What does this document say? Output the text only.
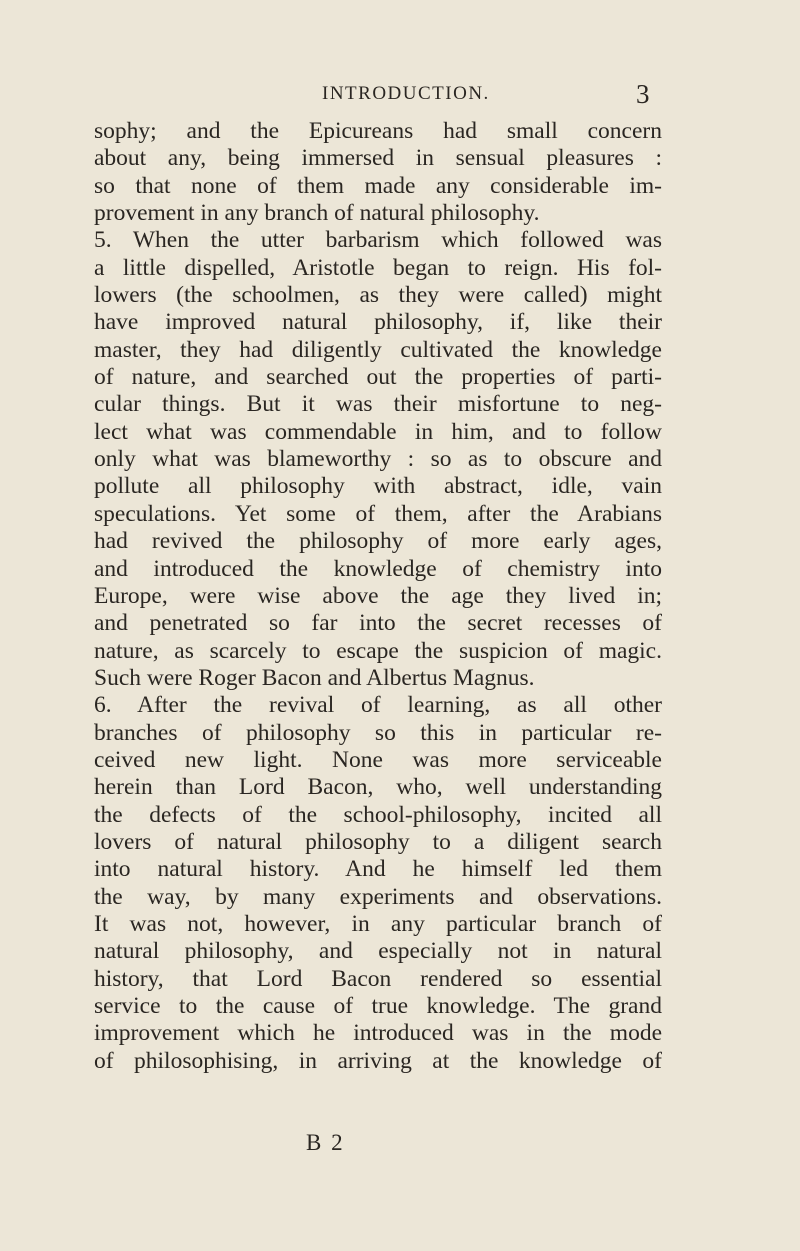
INTRODUCTION.	3
sophy; and the Epicureans had small concern
about any, being immersed in sensual pleasures :
so that none of them made any considerable im-
provement in any branch of natural philosophy.
5. When the utter barbarism which followed was
a little dispelled, Aristotle began to reign. His fol-
lowers (the schoolmen, as they were called) might
have improved natural philosophy, if, like their
master, they had diligently cultivated the knowledge
of nature, and searched out the properties of parti-
cular things. But it was their misfortune to neg-
lect what was commendable in him, and to follow
only what was blameworthy : so as to obscure and
pollute all philosophy with abstract, idle, vain
speculations. Yet some of them, after the Arabians
had revived the philosophy of more early ages,
and introduced the knowledge of chemistry into
Europe, were wise above the age they lived in;
and penetrated so far into the secret recesses of
nature, as scarcely to escape the suspicion of magic.
Such were Roger Bacon and Albertus Magnus.
6. After the revival of learning, as all other
branches of philosophy so this in particular re-
ceived new light. None was more serviceable
herein than Lord Bacon, who, well understanding
the defects of the school-philosophy, incited all
lovers of natural philosophy to a diligent search
into natural history. And he himself led them
the way, by many experiments and observations.
It was not, however, in any particular branch of
natural philosophy, and especially not in natural
history, that Lord Bacon rendered so essential
service to the cause of true knowledge. The grand
improvement which he introduced was in the mode
of philosophising, in arriving at the knowledge of
B 2
